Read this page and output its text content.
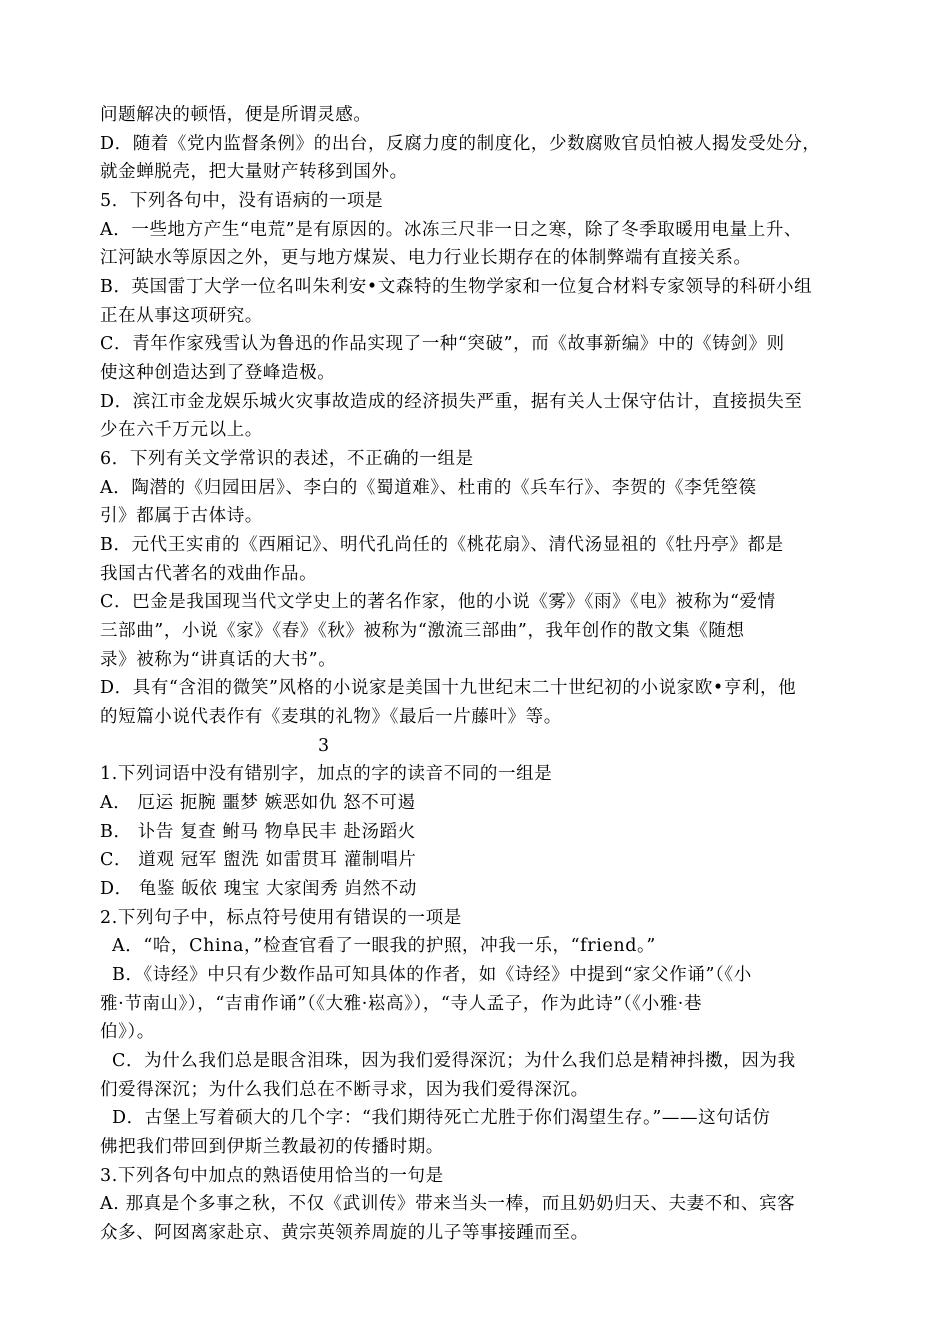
问题解决的顿悟，便是所谓灵感。

D．随着《党内监督条例》的出台，反腐力度的制度化，少数腐败官员怕被人揭发受处分，

就金蝉脱壳，把大量财产转移到国外。

5．下列各句中，没有语病的一项是

A．一些地方产生“电荒”是有原因的。冰冻三尺非一日之寒，除了冬季取暖用电量上升、

江河缺水等原因之外，更与地方煤炭、电力行业长期存在的体制弊端有直接关系。

B．英国雷丁大学一位名叫朱利安•文森特的生物学家和一位复合材料专家领导的科研小组

正在从事这项研究。

C．青年作家残雪认为鲁迅的作品实现了一种“突破”，而《故事新编》中的《铸剑》则

使这种创造达到了登峰造极。

D．滨江市金龙娱乐城火灾事故造成的经济损失严重，据有关人士保守估计，直接损失至

少在六千万元以上。

6．下列有关文学常识的表述，不正确的一组是

A．陶潜的《归园田居》、李白的《蜀道难》、杜甫的《兵车行》、李贺的《李凭箜篌

引》都属于古体诗。

B．元代王实甫的《西厢记》、明代孔尚任的《桃花扇》、清代汤显祖的《牡丹亭》都是

我国古代著名的戏曲作品。

C．巴金是我国现当代文学史上的著名作家，他的小说《雾》《雨》《电》被称为“爱情

三部曲”，小说《家》《春》《秋》被称为“激流三部曲”，我年创作的散文集《随想

录》被称为“讲真话的大书”。

D．具有“含泪的微笑”风格的小说家是美国十九世纪末二十世纪初的小说家欧•亨利，他

的短篇小说代表作有《麦琪的礼物》《最后一片藤叶》等。

3

1.下列词语中没有错别字，加点的字的读音不同的一组是

A． 厄运 扼腕 噩梦 嫉恶如仇 怒不可遏

B． 讣告 复查 鲋马 物阜民丰 赴汤蹈火

C． 道观 冠军 盥洗 如雷贯耳 灌制唱片

D． 龟鉴 皈依 瑰宝 大家闺秀 岿然不动

2.下列句子中，标点符号使用有错误的一项是

A．“哈，China，”检查官看了一眼我的护照，冲我一乐，“friend。”

B．《诗经》中只有少数作品可知具体的作者，如《诗经》中提到“家父作诵”（《小

雅·节南山》），“吉甫作诵”（《大雅·崧高》），“寺人孟子，作为此诗”（《小雅·巷

伯》）。

C．为什么我们总是眼含泪珠，因为我们爱得深沉；为什么我们总是精神抖擞，因为我

们爱得深沉；为什么我们总在不断寻求，因为我们爱得深沉。

D．古堡上写着硕大的几个字：“我们期待死亡尤胜于你们渴望生存。”——这句话仿

佛把我们带回到伊斯兰教最初的传播时期。

3.下列各句中加点的熟语使用恰当的一句是

A. 那真是个多事之秋，不仅《武训传》带来当头一棒，而且奶奶归天、夫妻不和、宾客

众多、阿囡离家赴京、黄宗英领养周旋的儿子等事接踵而至。
